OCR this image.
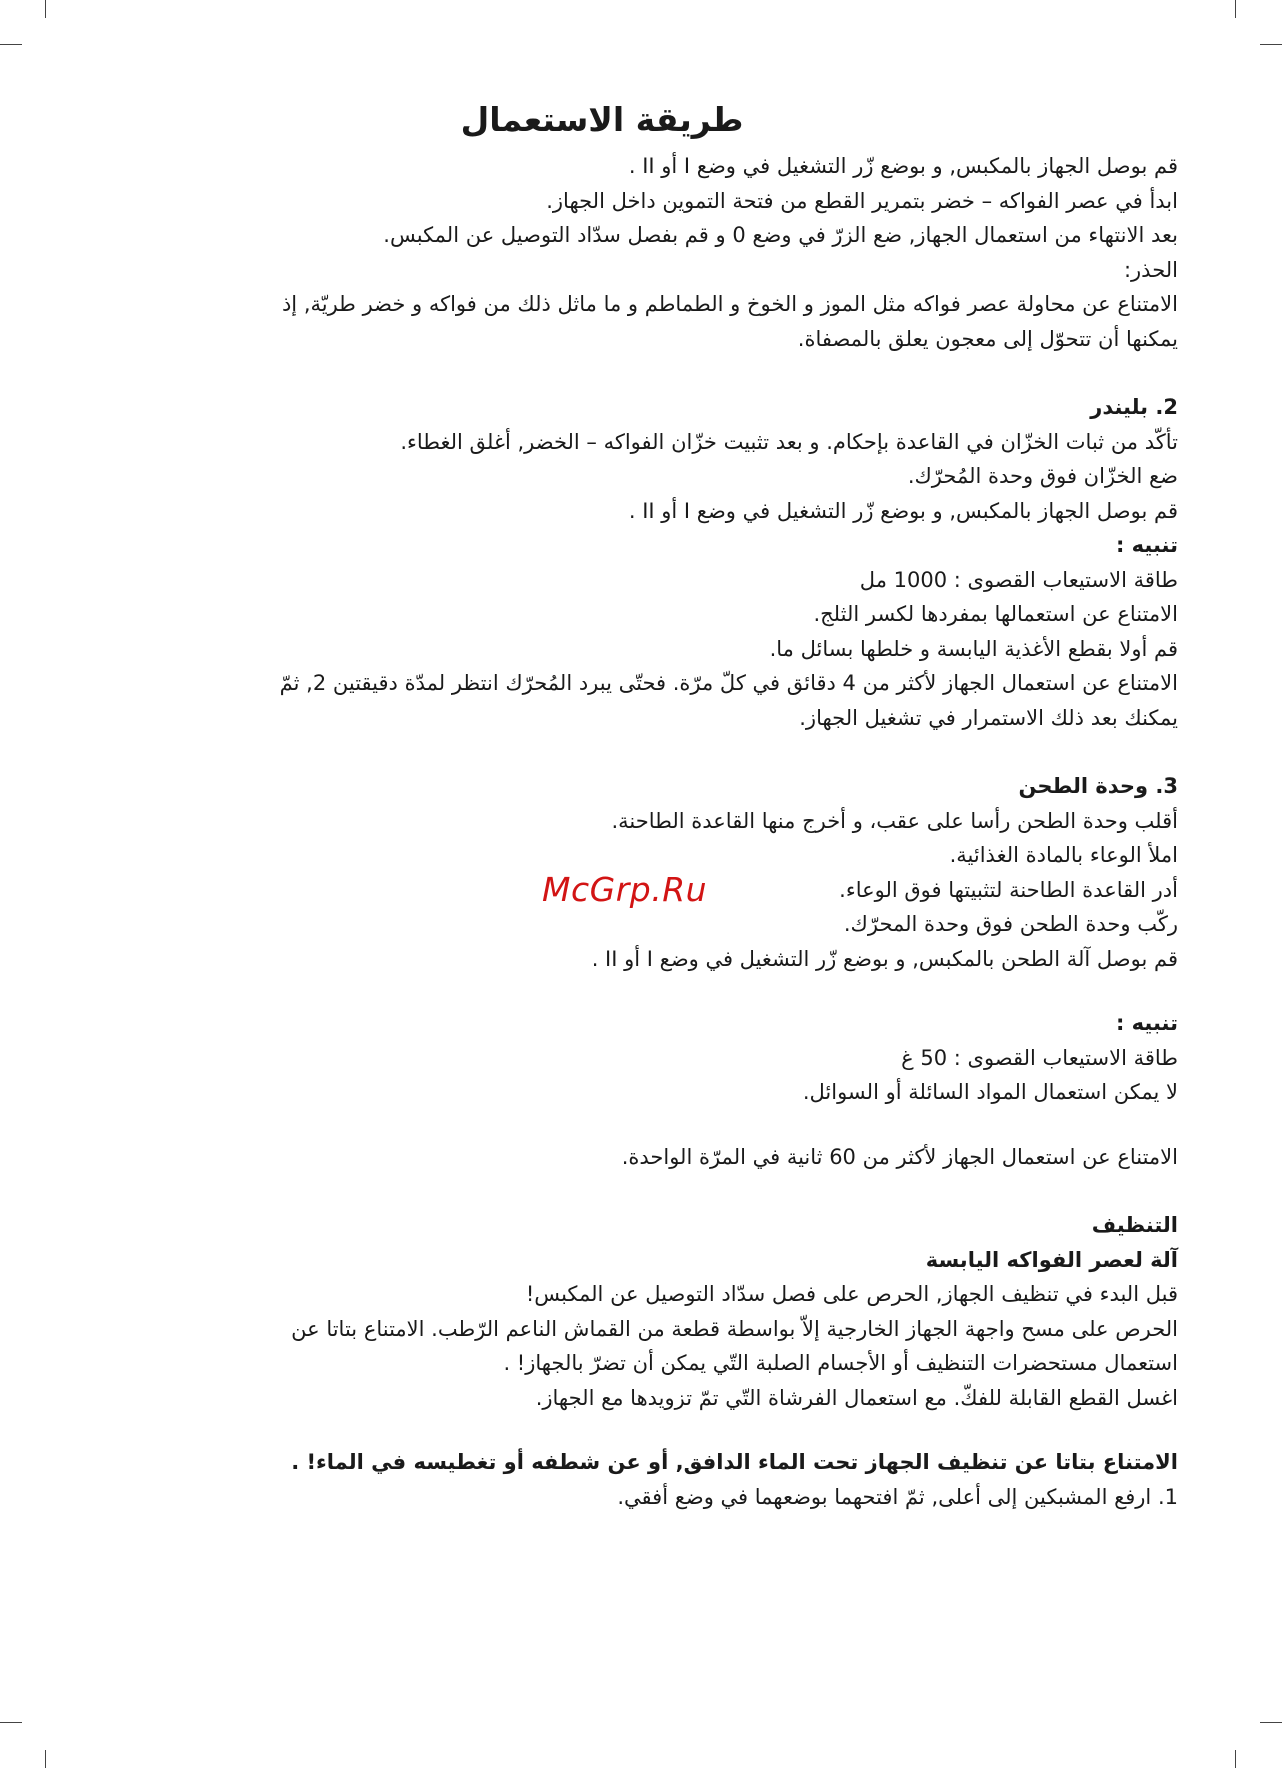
طريقة الاستعمال

قم بوصل الجهاز بالمكبس, و بوضع زّر التشغيل في وضع I أو II .

ابدأ في عصر الفواكه – خضر بتمرير القطع من فتحة التموين داخل الجهاز.

بعد الانتهاء من استعمال الجهاز, ضع الزرّ في وضع 0 و قم بفصل سدّاد التوصيل عن المكبس.

الحذر:

الامتناع عن محاولة عصر فواكه مثل الموز و الخوخ و الطماطم و ما ماثل ذلك من فواكه و خضر طريّة, إذ

يمكنها أن تتحوّل إلى معجون يعلق بالمصفاة.

2. بليندر

تأكّد من ثبات الخزّان في القاعدة بإحكام. و بعد تثبيت خزّان الفواكه – الخضر, أغلق الغطاء.

ضع الخزّان فوق وحدة المُحرّك.

قم بوصل الجهاز بالمكبس, و بوضع زّر التشغيل في وضع I أو II .

تنبيه :

طاقة الاستيعاب القصوى : 1000 مل

الامتناع عن استعمالها بمفردها لكسر الثلج.

قم أولا بقطع الأغذية اليابسة و خلطها بسائل ما.

الامتناع عن استعمال الجهاز لأكثر من 4 دقائق في كلّ مرّة. فحتّى يبرد المُحرّك انتظر لمدّة دقيقتين 2, ثمّ

يمكنك بعد ذلك الاستمرار في تشغيل الجهاز.

3. وحدة الطحن

أقلب وحدة الطحن رأسا على عقب، و أخرج منها القاعدة الطاحنة.

املأ الوعاء بالمادة الغذائية.

أدر القاعدة الطاحنة لتثبيتها فوق الوعاء.

ركّب وحدة الطحن فوق وحدة المحرّك.

قم بوصل آلة الطحن بالمكبس, و بوضع زّر التشغيل في وضع I أو II .

تنبيه :

طاقة الاستيعاب القصوى : 50 غ

لا يمكن استعمال المواد السائلة أو السوائل.

الامتناع عن استعمال الجهاز لأكثر من 60 ثانية في المرّة الواحدة.

التنظيف

آلة لعصر الفواكه اليابسة

قبل البدء في تنظيف الجهاز, الحرص على فصل سدّاد التوصيل عن المكبس!

الحرص على مسح واجهة الجهاز الخارجية إلاّ بواسطة قطعة من القماش الناعم الرّطب. الامتناع بتاتا عن

استعمال مستحضرات التنظيف أو الأجسام الصلبة التّي يمكن أن تضرّ بالجهاز! .

اغسل القطع القابلة للفكّ. مع استعمال الفرشاة التّي تمّ تزويدها مع الجهاز.

الامتناع بتاتا عن تنظيف الجهاز تحت الماء الدافق, أو عن شطفه أو تغطيسه في الماء! .

1. ارفع المشبكين إلى أعلى, ثمّ افتحهما بوضعهما في وضع أفقي.

McGrp.Ru
